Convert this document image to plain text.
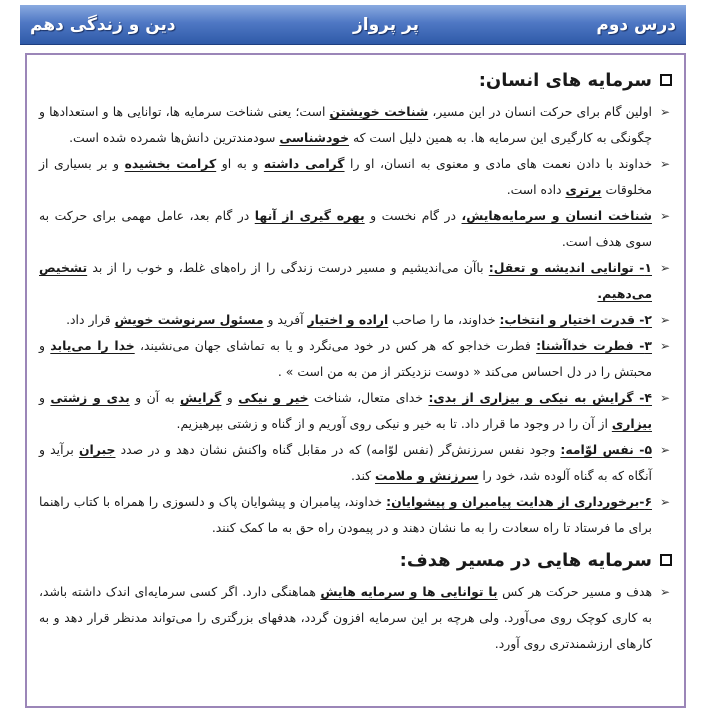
درس دوم
پر پرواز
دین و زندگی دهم
سرمایه های انسان:
➢
اولین گام برای حرکت انسان در این مسیر، شناخت خویشتن است؛ یعنی شناخت سرمایه ها، توانایی ها و استعدادها و چگونگی به کارگیری این سرمایه ها. به همین دلیل است که خودشناسی سودمندترین دانش‌ها شمرده شده است.
➢
خداوند با دادن نعمت های مادی و معنوی به انسان، او را گرامی داشته و به او کرامت بخشیده و بر بسیاری از مخلوقات برتری داده است.
➢
شناخت انسان و سرمایه‌هایش، در گام نخست و بهره گیری از آنها در گام بعد، عامل مهمی برای حرکت به سوی هدف است.
➢
۱- توانایی اندیشه و تعقل: باآن می‌اندیشیم و مسیر درست زندگی را از راه‌های غلط، و خوب را از بد تشخیص می‌دهیم.
➢
۲- قدرت اختیار و انتخاب: خداوند، ما را صاحب اراده و اختیار آفرید و مسئول سرنوشت خویش قرار داد.
➢
۳- فطرت خداآشنا: فطرت خداجو که هر کس در خود می‌نگرد و یا به تماشای جهان می‌نشیند، خدا را می‌یابد و محبتش را در دل احساس می‌کند « دوست نزدیکتر از من به من است » .
➢
۴- گرایش به نیکی و بیزاری از بدی: خدای متعال، شناخت خیر و نیکی و گرایش به آن و بدی و زشتی و بیزاری از آن را در وجود ما قرار داد. تا به خیر و نیکی روی آوریم و از گناه و زشتی بپرهیزیم.
➢
۵- نفس لوّامه: وجود نفس سرزنش‌گر (نفس لوّامه) که در مقابل گناه واکنش نشان دهد و در صدد جبران برآید و آنگاه که به گناه آلوده شد، خود را سرزنش و ملامت کند.
➢
۶-برخورداری از هدایت پیامبران و پیشوایان: خداوند، پیامبران و پیشوایان پاک و دلسوزی را همراه با کتاب راهنما برای ما فرستاد تا راه سعادت را به ما نشان دهند و در پیمودن راه حق به ما کمک کنند.
سرمایه هایی در مسیر هدف:
➢
هدف و مسیر حرکت هر کس با توانایی ها و سرمایه هایش هماهنگی دارد. اگر کسی سرمایه‌ای اندک داشته باشد، به کاری کوچک روی می‌آورد. ولی هرچه بر این سرمایه افزون گردد، هدفهای بزرگتری را می‌تواند مدنظر قرار دهد و به کارهای ارزشمندتری روی آورد.
